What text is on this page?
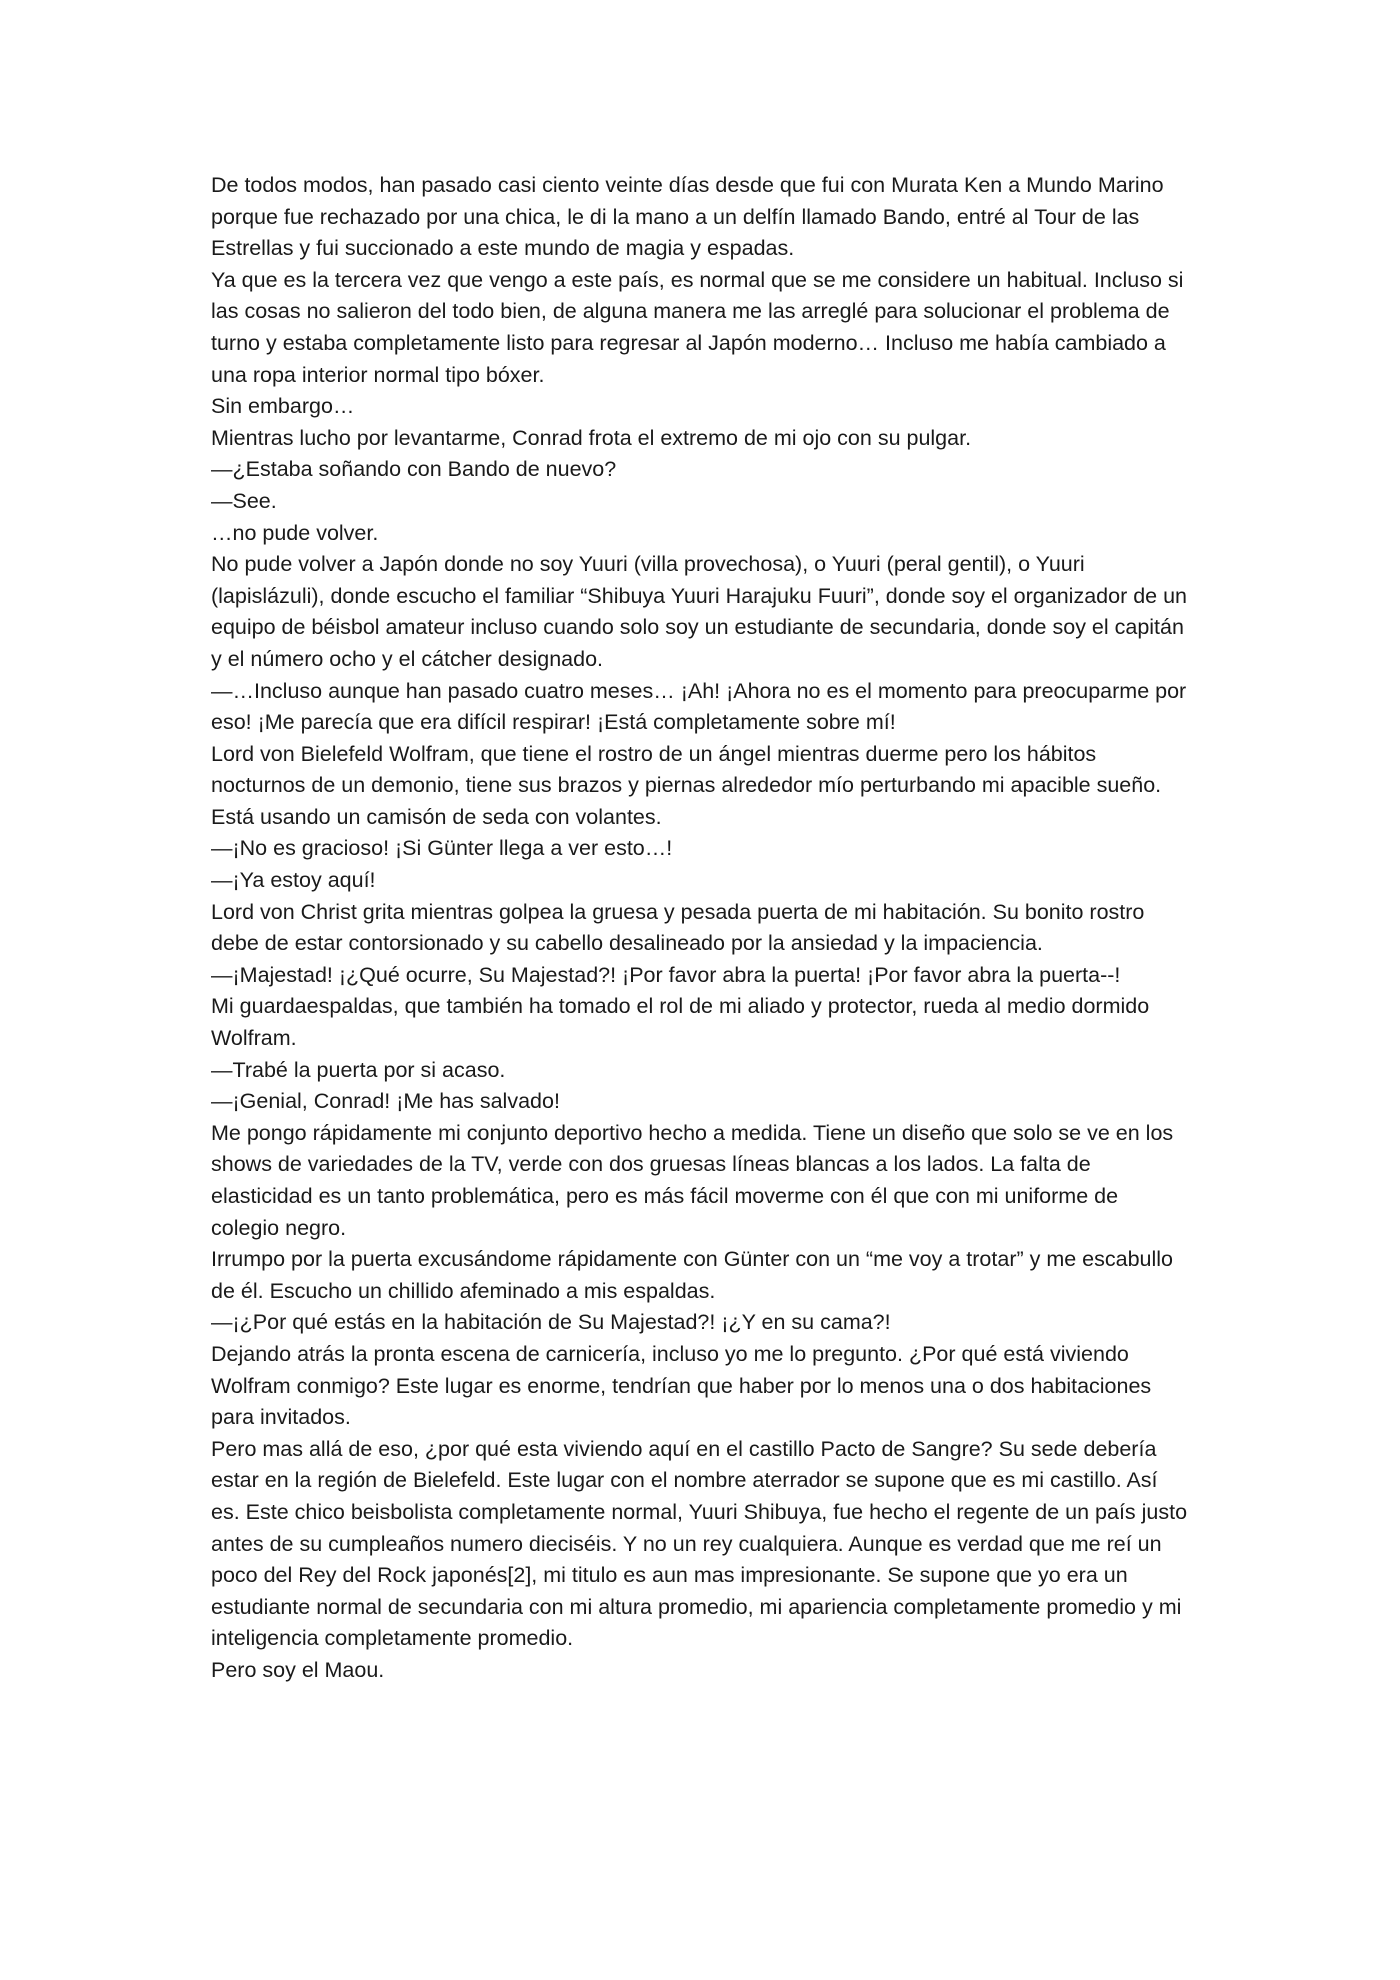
De todos modos, han pasado casi ciento veinte días desde que fui con Murata Ken a Mundo Marino porque fue rechazado por una chica, le di la mano a un delfín llamado Bando, entré al Tour de las Estrellas y fui succionado a este mundo de magia y espadas.

Ya que es la tercera vez que vengo a este país, es normal que se me considere un habitual. Incluso si las cosas no salieron del todo bien, de alguna manera me las arreglé para solucionar el problema de turno y estaba completamente listo para regresar al Japón moderno… Incluso me había cambiado a una ropa interior normal tipo bóxer.

Sin embargo…

Mientras lucho por levantarme, Conrad frota el extremo de mi ojo con su pulgar.

—¿Estaba soñando con Bando de nuevo?

—See.

…no pude volver.

No pude volver a Japón donde no soy Yuuri (villa provechosa), o Yuuri (peral gentil), o Yuuri (lapislázuli), donde escucho el familiar “Shibuya Yuuri Harajuku Fuuri”, donde soy el organizador de un equipo de béisbol amateur incluso cuando solo soy un estudiante de secundaria, donde soy el capitán y el número ocho y el cátcher designado.

—…Incluso aunque han pasado cuatro meses… ¡Ah! ¡Ahora no es el momento para preocuparme por eso! ¡Me parecía que era difícil respirar! ¡Está completamente sobre mí!

Lord von Bielefeld Wolfram, que tiene el rostro de un ángel mientras duerme pero los hábitos nocturnos de un demonio, tiene sus brazos y piernas alrededor mío perturbando mi apacible sueño. Está usando un camisón de seda con volantes.

—¡No es gracioso! ¡Si Günter llega a ver esto…!

—¡Ya estoy aquí!

Lord von Christ grita mientras golpea la gruesa y pesada puerta de mi habitación. Su bonito rostro debe de estar contorsionado y su cabello desalineado por la ansiedad y la impaciencia.

—¡Majestad! ¡¿Qué ocurre, Su Majestad?! ¡Por favor abra la puerta! ¡Por favor abra la puerta--!

Mi guardaespaldas, que también ha tomado el rol de mi aliado y protector, rueda al medio dormido Wolfram.

—Trabé la puerta por si acaso.

—¡Genial, Conrad! ¡Me has salvado!

Me pongo rápidamente mi conjunto deportivo hecho a medida. Tiene un diseño que solo se ve en los shows de variedades de la TV, verde con dos gruesas líneas blancas a los lados. La falta de elasticidad es un tanto problemática, pero es más fácil moverme con él que con mi uniforme de colegio negro.

Irrumpo por la puerta excusándome rápidamente con Günter con un “me voy a trotar” y me escabullo de él. Escucho un chillido afeminado a mis espaldas.

—¡¿Por qué estás en la habitación de Su Majestad?! ¡¿Y en su cama?!

Dejando atrás la pronta escena de carnicería, incluso yo me lo pregunto. ¿Por qué está viviendo Wolfram conmigo? Este lugar es enorme, tendrían que haber por lo menos una o dos habitaciones para invitados.

Pero mas allá de eso, ¿por qué esta viviendo aquí en el castillo Pacto de Sangre? Su sede debería estar en la región de Bielefeld. Este lugar con el nombre aterrador se supone que es mi castillo. Así es. Este chico beisbolista completamente normal, Yuuri Shibuya, fue hecho el regente de un país justo antes de su cumpleaños numero dieciséis. Y no un rey cualquiera. Aunque es verdad que me reí un poco del Rey del Rock japonés[2], mi titulo es aun mas impresionante. Se supone que yo era un estudiante normal de secundaria con mi altura promedio, mi apariencia completamente promedio y mi inteligencia completamente promedio.

Pero soy el Maou.
